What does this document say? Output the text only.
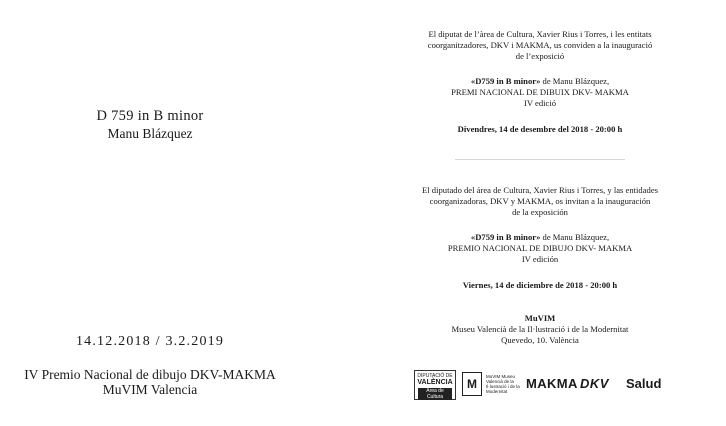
D 759 in B minor
Manu Blázquez
14.12.2018 / 3.2.2019
IV Premio Nacional de dibujo DKV-MAKMA
MuVIM Valencia
El diputat de l’àrea de Cultura, Xavier Rius i Torres, i les entitats
coorganitzadores, DKV i MAKMA, us conviden a la inauguració
de l’exposició
«D759 in B minor» de Manu Blázquez,
PREMI NACIONAL DE DIBUIX DKV- MAKMA
IV edició
Divendres, 14 de desembre del 2018 - 20:00 h
El diputado del área de Cultura, Xavier Rius i Torres, y las entidades
coorganizadoras, DKV y MAKMA, os invitan a la inauguración
de la exposición
«D759 in B minor» de Manu Blázquez,
PREMIO NACIONAL DE DIBUJO DKV- MAKMA
IV edición
Viernes, 14 de diciembre de 2018 - 20:00 h
MuVIM
Museu Valencià de la Il·lustració i de la Modernitat
Quevedo, 10. València
DIPUTACIÓ DE
VALÈNCIA
Àrea de Cultura
M
MuVIM Museu Valencià de la Il·lustració i de la Modernitat
MAKMA DKV Salud
